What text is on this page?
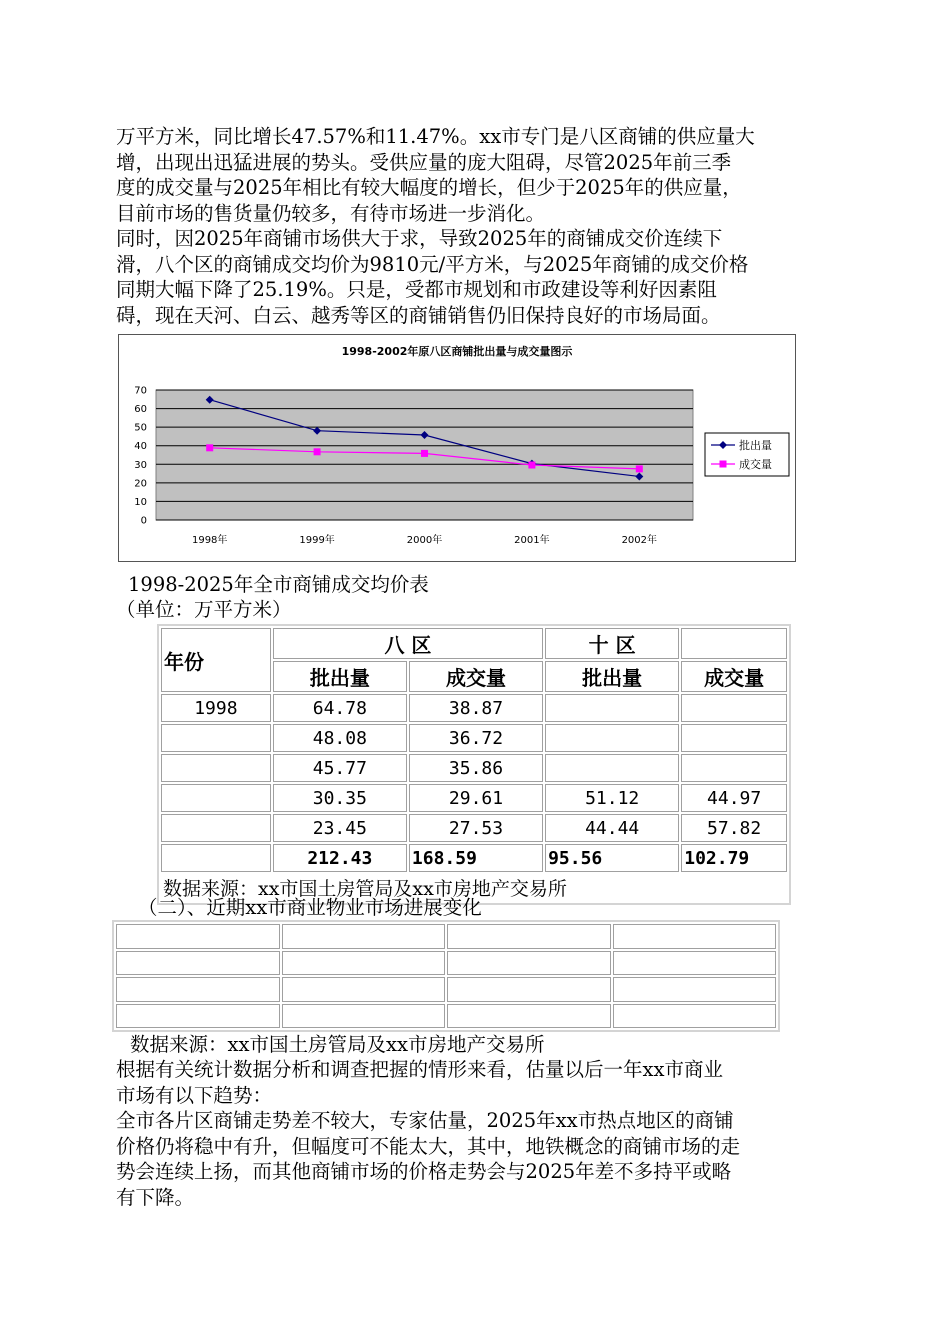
万平方米，同比增长47.57%和11.47%。xx市专门是八区商铺的供应量大
增，出现出迅猛进展的势头。受供应量的庞大阻碍，尽管2025年前三季
度的成交量与2025年相比有较大幅度的增长，但少于2025年的供应量，
目前市场的售货量仍较多，有待市场进一步消化。
同时，因2025年商铺市场供大于求，导致2025年的商铺成交价连续下
滑，八个区的商铺成交均价为9810元/平方米，与2025年商铺的成交价格
同期大幅下降了25.19%。只是，受都市规划和市政建设等利好因素阻
碍，现在天河、白云、越秀等区的商铺销售仍旧保持良好的市场局面。
1998-2002年原八区商铺批出量与成交量图示
0
10
20
30
40
50
60
70
1998年	1999年	2000年	2001年	2002年
批出量
成交量
1998-2025年全市商铺成交均价表
（单位：万平方米）
年份	八 区		十 区	
	批出量	成交量	批出量	成交量
1998	64.78	38.87		
	48.08	36.72		
	45.77	35.86		
	30.35	29.61	51.12	44.97
	23.45	27.53	44.44	57.82
	212.43	168.59	95.56	102.79
数据来源：xx市国土房管局及xx市房地产交易所				
（二）、近期xx市商业物业市场进展变化

数据来源：xx市国土房管局及xx市房地产交易所
根据有关统计数据分析和调查把握的情形来看，估量以后一年xx市商业
市场有以下趋势：
全市各片区商铺走势差不较大，专家估量，2025年xx市热点地区的商铺
价格仍将稳中有升，但幅度可不能太大，其中，地铁概念的商铺市场的走
势会连续上扬，而其他商铺市场的价格走势会与2025年差不多持平或略
有下降。
